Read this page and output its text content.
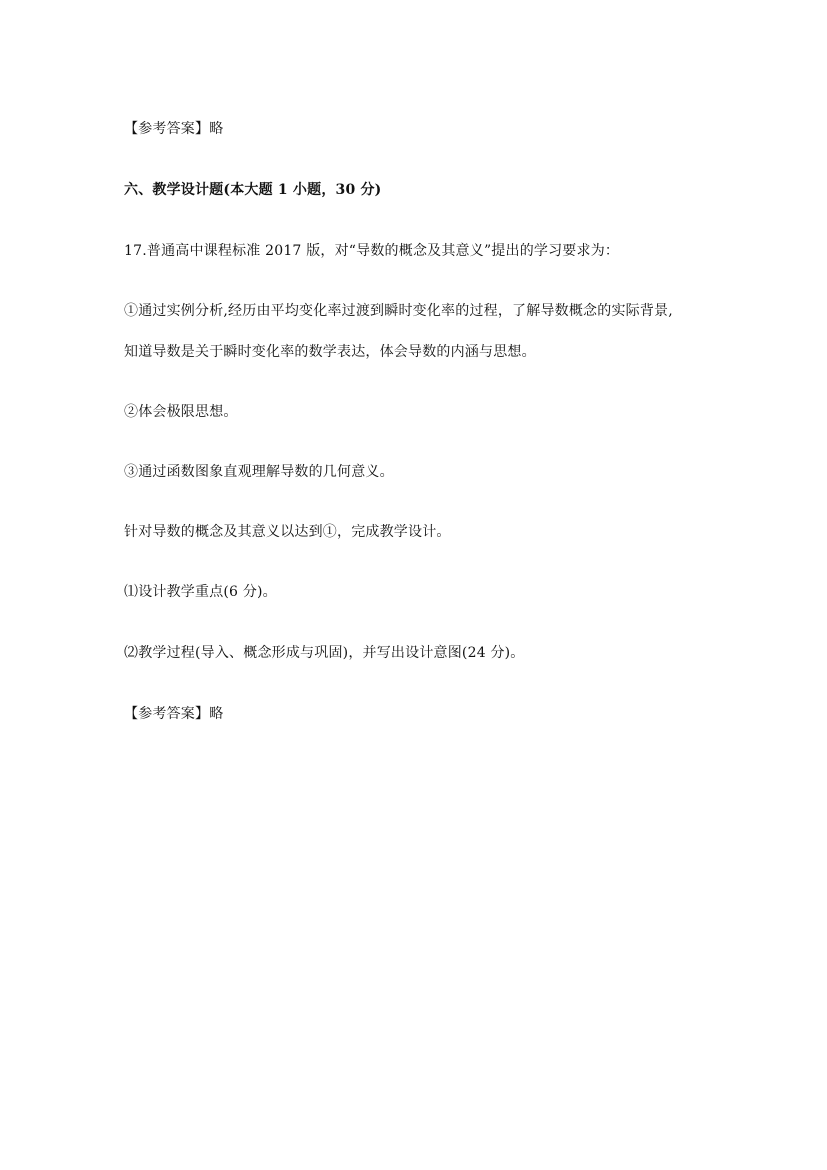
【参考答案】略
六、教学设计题(本大题 1 小题，30 分)
17.普通高中课程标准 2017 版，对“导数的概念及其意义”提出的学习要求为：
①通过实例分析,经历由平均变化率过渡到瞬时变化率的过程，了解导数概念的实际背景,
知道导数是关于瞬时变化率的数学表达，体会导数的内涵与思想。
②体会极限思想。
③通过函数图象直观理解导数的几何意义。
针对导数的概念及其意义以达到①，完成教学设计。
⑴设计教学重点(6 分)。
⑵教学过程(导入、概念形成与巩固)，并写出设计意图(24 分)。
【参考答案】略
